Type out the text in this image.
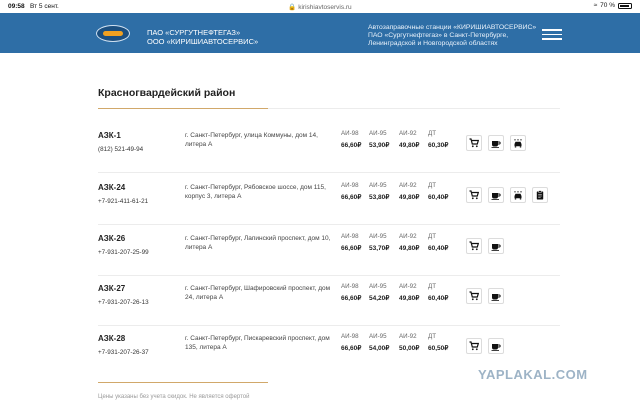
09:58 Вт 5 сент.	🔒 kirishiavtoservis.ru	≈ 70 %
ПАО «СУРГУТНЕФТЕГАЗ»
ООО «КИРИШИАВТОСЕРВИС»
Автозаправочные станции «КИРИШИАВТОСЕРВИС»
ПАО «Сургутнефтегаз» в Санкт-Петербурге,
Ленинградской и Новгородской областях
Красногвардейский район
АЗК-1
(812) 521-49-94
г. Санкт-Петербург, улица Коммуны, дом 14, литера А
АИ-98
66,60₽
АИ-95
53,90₽
АИ-92
49,80₽
ДТ
60,30₽
АЗК-24
+7-921-411-61-21
г. Санкт-Петербург, Рябовское шоссе, дом 115, корпус 3, литера А
АИ-98
66,60₽
АИ-95
53,80₽
АИ-92
49,80₽
ДТ
60,40₽
АЗК-26
+7-931-207-25-99
г. Санкт-Петербург, Лапинский проспект, дом 10, литера А
АИ-98
66,60₽
АИ-95
53,70₽
АИ-92
49,80₽
ДТ
60,40₽
АЗК-27
+7-931-207-26-13
г. Санкт-Петербург, Шафировский проспект, дом 24, литера А
АИ-98
66,60₽
АИ-95
54,20₽
АИ-92
49,80₽
ДТ
60,40₽
АЗК-28
+7-931-207-26-37
г. Санкт-Петербург, Пискаревский проспект, дом 135, литера А
АИ-98
66,60₽
АИ-95
54,00₽
АИ-92
50,00₽
ДТ
60,50₽
Цены указаны без учета скидок. Не является офертой
YAPLAKAL.COM
